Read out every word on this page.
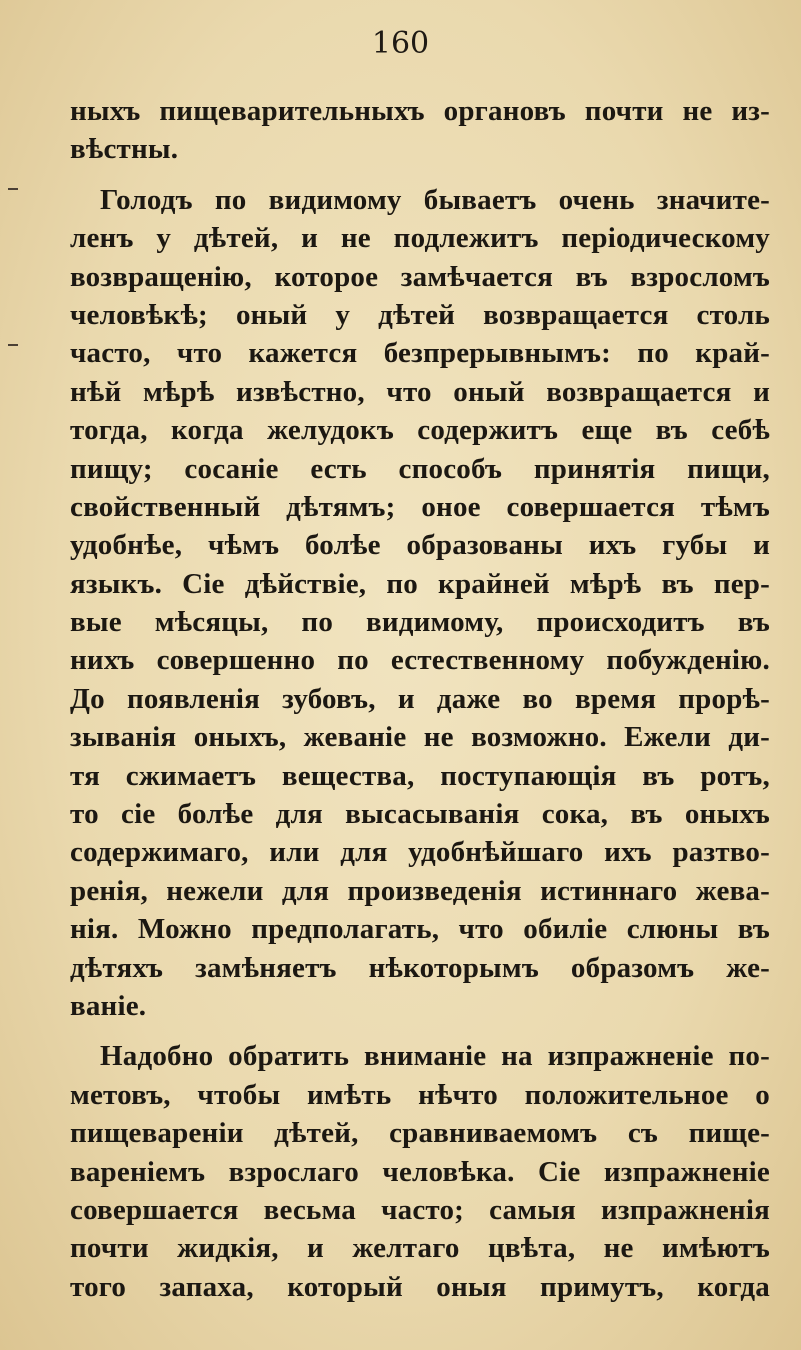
160
ныхъ пищеварительныхъ органовъ почти не из-
вѣстны.
Голодъ по видимому бываетъ очень значите-
ленъ у дѣтей, и не подлежитъ періодическому
возвращенію, которое замѣчается въ взросломъ
человѣкѣ; оный у дѣтей возвращается столь
часто, что кажется безпрерывнымъ: по край-
нѣй мѣрѣ извѣстно, что оный возвращается и
тогда, когда желудокъ содержитъ еще въ себѣ
пищу; сосаніе есть способъ принятія пищи,
свойственный дѣтямъ; оное совершается тѣмъ
удобнѣе, чѣмъ болѣе образованы ихъ губы и
языкъ. Сіе дѣйствіе, по крайней мѣрѣ въ пер-
вые мѣсяцы, по видимому, происходитъ въ
нихъ совершенно по естественному побужденію.
До появленія зубовъ, и даже во время прорѣ-
зыванія оныхъ, жеваніе не возможно. Ежели ди-
тя сжимаетъ вещества, поступающія въ ротъ,
то сіе болѣе для высасыванія сока, въ оныхъ
содержимаго, или для удобнѣйшаго ихъ разтво-
ренія, нежели для произведенія истиннаго жева-
нія. Можно предполагать, что обиліе слюны въ
дѣтяхъ замѣняетъ нѣкоторымъ образомъ же-
ваніе.
Надобно обратить вниманіе на изпражненіе по-
метовъ, чтобы имѣть нѣчто положительное о
пищевареніи дѣтей, сравниваемомъ съ пище-
вареніемъ взрослаго человѣка. Сіе изпражненіе
совершается весьма часто; самыя изпражненія
почти жидкія, и желтаго цвѣта, не имѣютъ
того запаха, который оныя примутъ, когда
